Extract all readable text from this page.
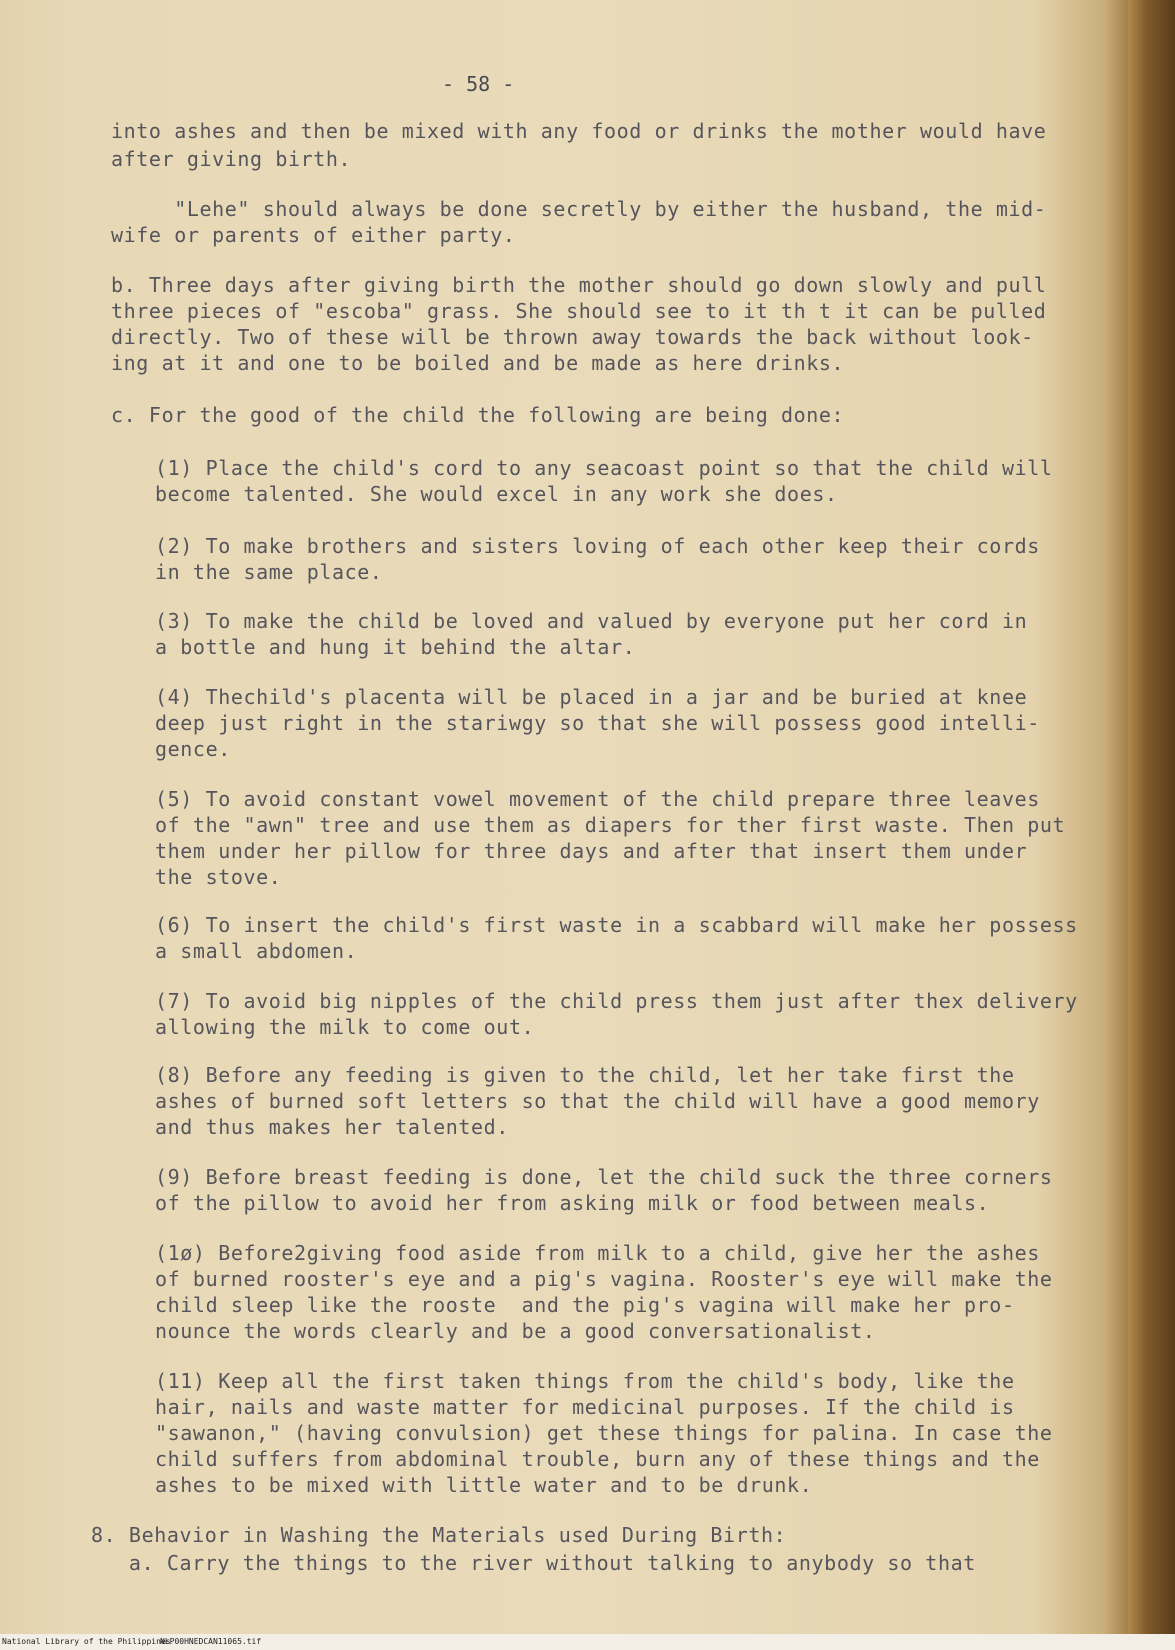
- 58 -
into ashes and then be mixed with any food or drinks the mother would have
after giving birth.
"Lehe" should always be done secretly by either the husband, the mid-
wife or parents of either party.
b. Three days after giving birth the mother should go down slowly and pull
three pieces of "escoba" grass. She should see to it th t it can be pulled
directly. Two of these will be thrown away towards the back without look-
ing at it and one to be boiled and be made as here drinks.
c. For the good of the child the following are being done:
(1) Place the child's cord to any seacoast point so that the child will
become talented. She would excel in any work she does.
(2) To make brothers and sisters loving of each other keep their cords
in the same place.
(3) To make the child be loved and valued by everyone put her cord in
a bottle and hung it behind the altar.
(4) Thechild's placenta will be placed in a jar and be buried at knee
deep just right in the stariwgy so that she will possess good intelli-
gence.
(5) To avoid constant vowel movement of the child prepare three leaves
of the "awn" tree and use them as diapers for ther first waste. Then put
them under her pillow for three days and after that insert them under
the stove.
(6) To insert the child's first waste in a scabbard will make her possess
a small abdomen.
(7) To avoid big nipples of the child press them just after thex delivery
allowing the milk to come out.
(8) Before any feeding is given to the child, let her take first the
ashes of burned soft letters so that the child will have a good memory
and thus makes her talented.
(9) Before breast feeding is done, let the child suck the three corners
of the pillow to avoid her from asking milk or food between meals.
(1ø) Before2giving food aside from milk to a child, give her the ashes
of burned rooster's eye and a pig's vagina. Rooster's eye will make the
child sleep like the rooste  and the pig's vagina will make her pro-
nounce the words clearly and be a good conversationalist.
(11) Keep all the first taken things from the child's body, like the
hair, nails and waste matter for medicinal purposes. If the child is
"sawanon," (having convulsion) get these things for palina. In case the
child suffers from abdominal trouble, burn any of these things and the
ashes to be mixed with little water and to be drunk.
8. Behavior in Washing the Materials used During Birth:
a. Carry the things to the river without talking to anybody so that
National Library of the Philippines
NLP00HNEDCAN11065.tif
